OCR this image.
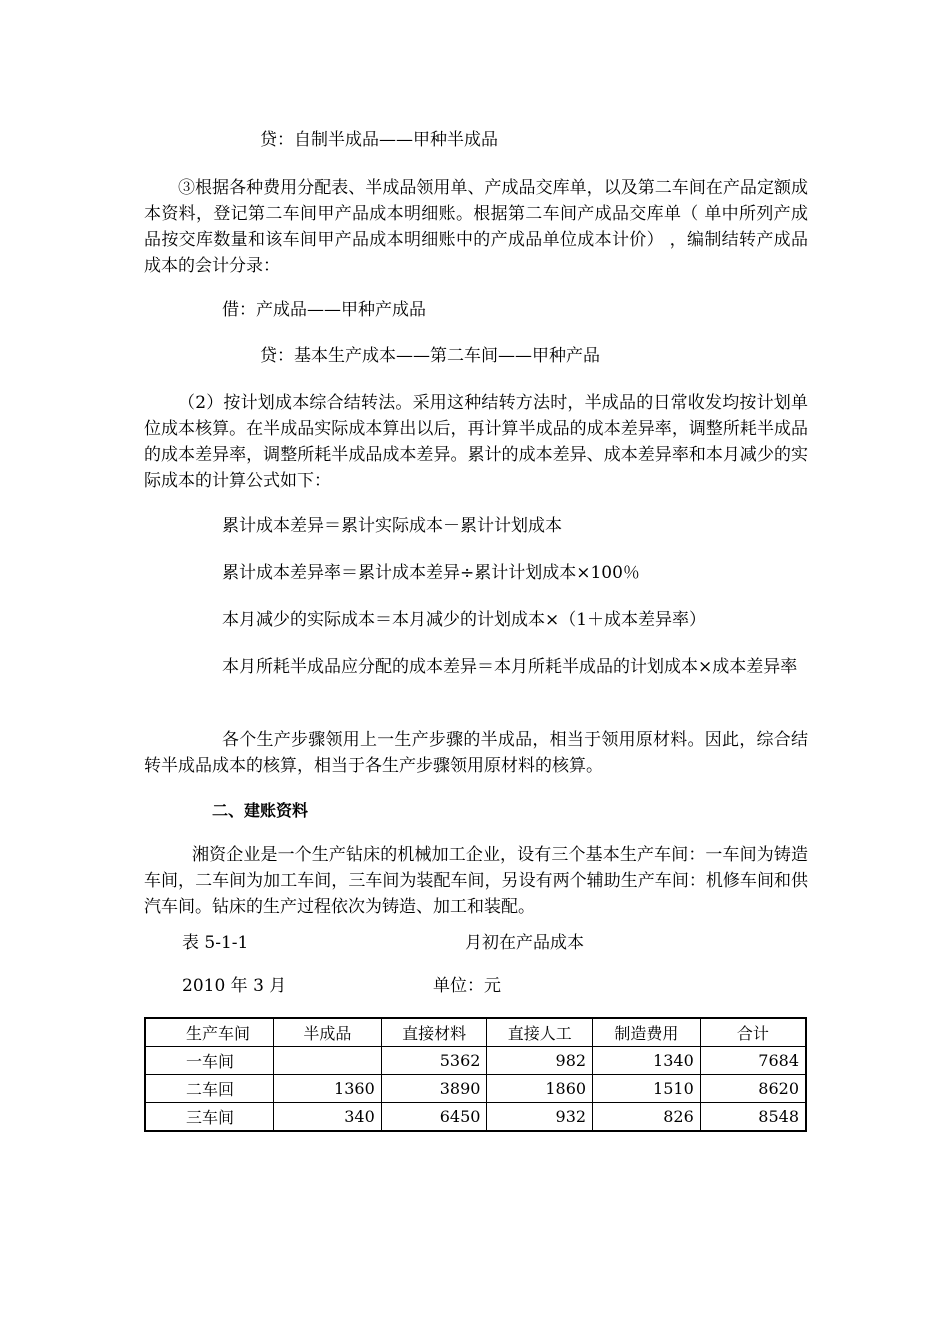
贷：自制半成品——甲种半成品
③根据各种费用分配表、半成品领用单、产成品交库单，以及第二车间在产品定额成本资料，登记第二车间甲产品成本明细账。根据第二车间产成品交库单（ 单中所列产成品按交库数量和该车间甲产品成本明细账中的产成品单位成本计价） ，编制结转产成品成本的会计分录：
借：产成品——甲种产成品
贷：基本生产成本——第二车间——甲种产品
（2）按计划成本综合结转法。采用这种结转方法时，半成品的日常收发均按计划单位成本核算。在半成品实际成本算出以后，再计算半成品的成本差异率，调整所耗半成品的成本差异率，调整所耗半成品成本差异。累计的成本差异、成本差异率和本月减少的实际成本的计算公式如下：
累计成本差异＝累计实际成本－累计计划成本
累计成本差异率＝累计成本差异÷累计计划成本×100％
本月减少的实际成本＝本月减少的计划成本×（1＋成本差异率）
本月所耗半成品应分配的成本差异＝本月所耗半成品的计划成本×成本差异率
各个生产步骤领用上一生产步骤的半成品，相当于领用原材料。因此，综合结转半成品成本的核算，相当于各生产步骤领用原材料的核算。
二、建账资料
湘资企业是一个生产钻床的机械加工企业，设有三个基本生产车间：一车间为铸造车间，二车间为加工车间，三车间为装配车间，另设有两个辅助生产车间：机修车间和供汽车间。钻床的生产过程依次为铸造、加工和装配。
表 5-1-1	月初在产品成本
2010 年 3 月	单位：元
生产车间	半成品	直接材料	直接人工	制造费用	合计
一车间		5362	982	1340	7684
二车回	1360	3890	1860	1510	8620
三车间	340	6450	932	826	8548
